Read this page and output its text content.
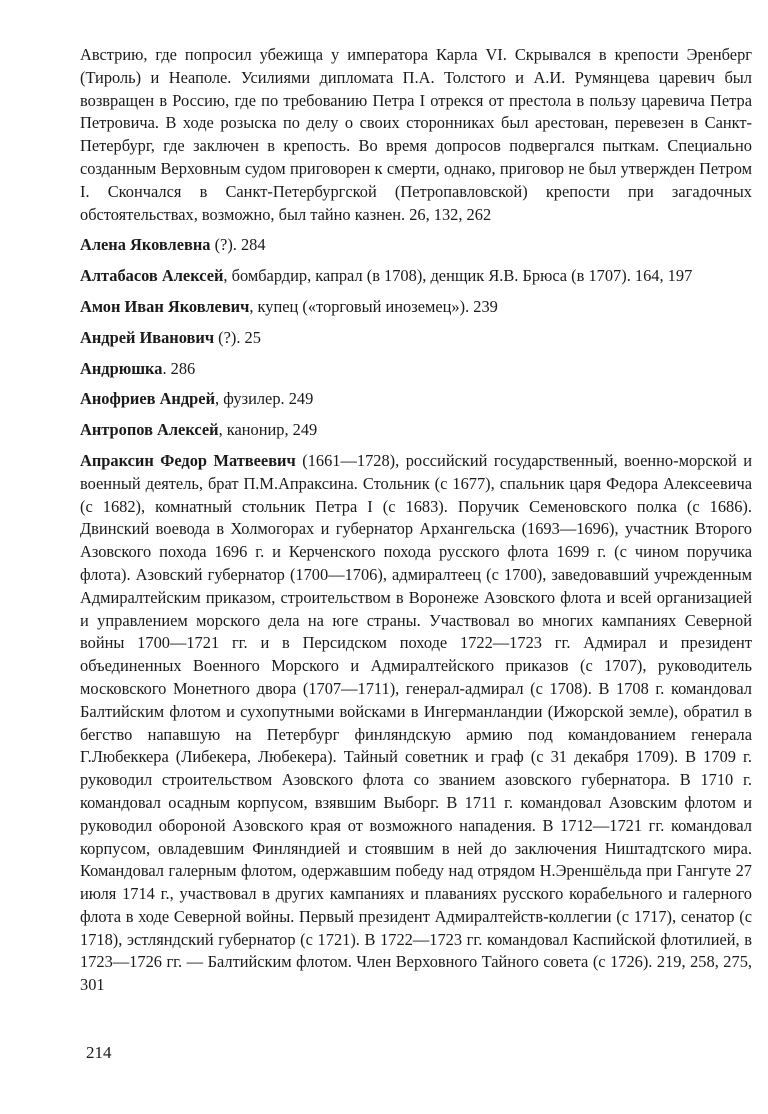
Австрию, где попросил убежища у императора Карла VI. Скрывался в крепости Эренберг (Тироль) и Неаполе. Усилиями дипломата П.А. Толстого и А.И. Румянцева царевич был возвращен в Россию, где по требованию Петра I отрекся от престола в пользу царевича Петра Петровича. В ходе розыска по делу о своих сторонниках был арестован, перевезен в Санкт-Петербург, где заключен в крепость. Во время допросов подвергался пыткам. Специально созданным Верховным судом приговорен к смерти, однако, приговор не был утвержден Петром I. Скончался в Санкт-Петербургской (Петропавловской) крепости при загадочных обстоятельствах, возможно, был тайно казнен. 26, 132, 262

Алена Яковлевна (?). 284

Алтабасов Алексей, бомбардир, капрал (в 1708), денщик Я.В. Брюса (в 1707). 164, 197

Амон Иван Яковлевич, купец («торговый иноземец»). 239

Андрей Иванович (?). 25

Андрюшка. 286

Анофриев Андрей, фузилер. 249

Антропов Алексей, канонир, 249

Апраксин Федор Матвеевич (1661—1728), российский государственный, военно-морской и военный деятель, брат П.М.Апраксина. Стольник (с 1677), спальник царя Федора Алексеевича (с 1682), комнатный стольник Петра I (с 1683). Поручик Семеновского полка (с 1686). Двинский воевода в Холмогорах и губернатор Архангельска (1693—1696), участник Второго Азовского похода 1696 г. и Керченского похода русского флота 1699 г. (с чином поручика флота). Азовский губернатор (1700—1706), адмиралтеец (с 1700), заведовавший учрежденным Адмиралтейским приказом, строительством в Воронеже Азовского флота и всей организацией и управлением морского дела на юге страны. Участвовал во многих кампаниях Северной войны 1700—1721 гг. и в Персидском походе 1722—1723 гг. Адмирал и президент объединенных Военного Морского и Адмиралтейского приказов (с 1707), руководитель московского Монетного двора (1707—1711), генерал-адмирал (с 1708). В 1708 г. командовал Балтийским флотом и сухопутными войсками в Ингерманландии (Ижорской земле), обратил в бегство напавшую на Петербург финляндскую армию под командованием генерала Г.Любеккера (Либекера, Любекера). Тайный советник и граф (с 31 декабря 1709). В 1709 г. руководил строительством Азовского флота со званием азовского губернатора. В 1710 г. командовал осадным корпусом, взявшим Выборг. В 1711 г. командовал Азовским флотом и руководил обороной Азовского края от возможного нападения. В 1712—1721 гг. командовал корпусом, овладевшим Финляндией и стоявшим в ней до заключения Ништадтского мира. Командовал галерным флотом, одержавшим победу над отрядом Н.Эреншёльда при Гангуте 27 июля 1714 г., участвовал в других кампаниях и плаваниях русского корабельного и галерного флота в ходе Северной войны. Первый президент Адмиралтейств-коллегии (с 1717), сенатор (с 1718), эстляндский губернатор (с 1721). В 1722—1723 гг. командовал Каспийской флотилией, в 1723—1726 гг. — Балтийским флотом. Член Верховного Тайного совета (с 1726). 219, 258, 275, 301

214
